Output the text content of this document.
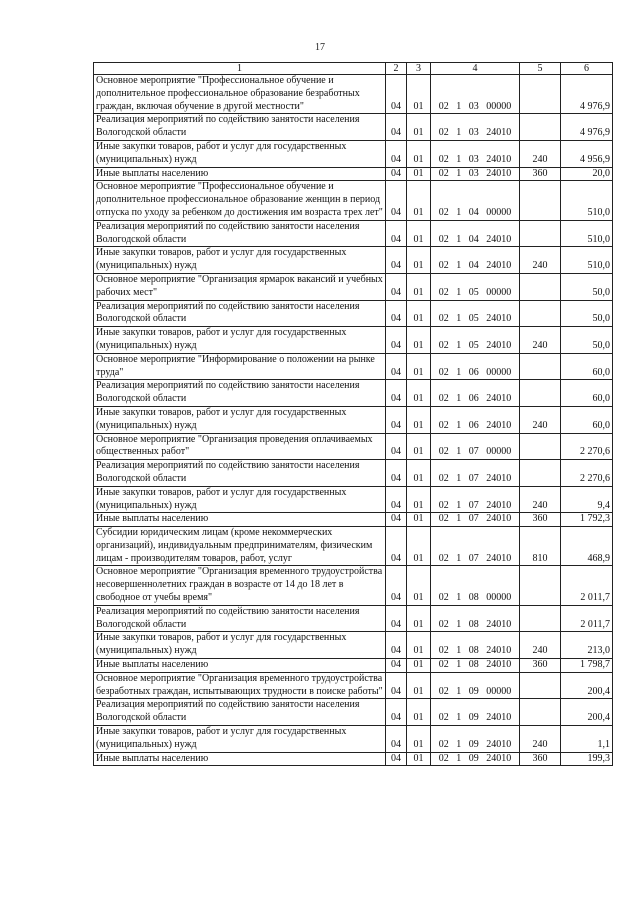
17
1	2	3	4	5	6
Основное мероприятие "Профессиональное обучение и дополнительное профессиональное образование безработных граждан, включая обучение в другой местности"	04	01	02   1   03   00000		4 976,9
Реализация мероприятий по содействию занятости населения Вологодской области	04	01	02   1   03   24010		4 976,9
Иные закупки товаров, работ и услуг для государственных (муниципальных) нужд	04	01	02   1   03   24010	240	4 956,9
Иные выплаты населению	04	01	02   1   03   24010	360	20,0
Основное мероприятие "Профессиональное обучение и дополнительное профессиональное образование женщин в период отпуска по уходу за ребенком до достижения им возраста трех лет"	04	01	02   1   04   00000		510,0
Реализация мероприятий по содействию занятости населения Вологодской области	04	01	02   1   04   24010		510,0
Иные закупки товаров, работ и услуг для государственных (муниципальных) нужд	04	01	02   1   04   24010	240	510,0
Основное мероприятие "Организация ярмарок вакансий и учебных рабочих мест"	04	01	02   1   05   00000		50,0
Реализация мероприятий по содействию занятости населения Вологодской области	04	01	02   1   05   24010		50,0
Иные закупки товаров, работ и услуг для государственных (муниципальных) нужд	04	01	02   1   05   24010	240	50,0
Основное мероприятие "Информирование о положении на рынке труда"	04	01	02   1   06   00000		60,0
Реализация мероприятий по содействию занятости населения Вологодской области	04	01	02   1   06   24010		60,0
Иные закупки товаров, работ и услуг для государственных (муниципальных) нужд	04	01	02   1   06   24010	240	60,0
Основное мероприятие "Организация проведения оплачиваемых общественных работ"	04	01	02   1   07   00000		2 270,6
Реализация мероприятий по содействию занятости населения Вологодской области	04	01	02   1   07   24010		2 270,6
Иные закупки товаров, работ и услуг для государственных (муниципальных) нужд	04	01	02   1   07   24010	240	9,4
Иные выплаты населению	04	01	02   1   07   24010	360	1 792,3
Субсидии юридическим лицам (кроме некоммерческих организаций), индивидуальным предпринимателям, физическим лицам - производителям товаров, работ, услуг	04	01	02   1   07   24010	810	468,9
Основное мероприятие "Организация временного трудоустройства несовершеннолетних граждан в возрасте от 14 до 18 лет в свободное от учебы время"	04	01	02   1   08   00000		2 011,7
Реализация мероприятий по содействию занятости населения Вологодской области	04	01	02   1   08   24010		2 011,7
Иные закупки товаров, работ и услуг для государственных (муниципальных) нужд	04	01	02   1   08   24010	240	213,0
Иные выплаты населению	04	01	02   1   08   24010	360	1 798,7
Основное мероприятие "Организация временного трудоустройства безработных граждан, испытывающих трудности в поиске работы"	04	01	02   1   09   00000		200,4
Реализация мероприятий по содействию занятости населения Вологодской области	04	01	02   1   09   24010		200,4
Иные закупки товаров, работ и услуг для государственных (муниципальных) нужд	04	01	02   1   09   24010	240	1,1
Иные выплаты населению	04	01	02   1   09   24010	360	199,3
